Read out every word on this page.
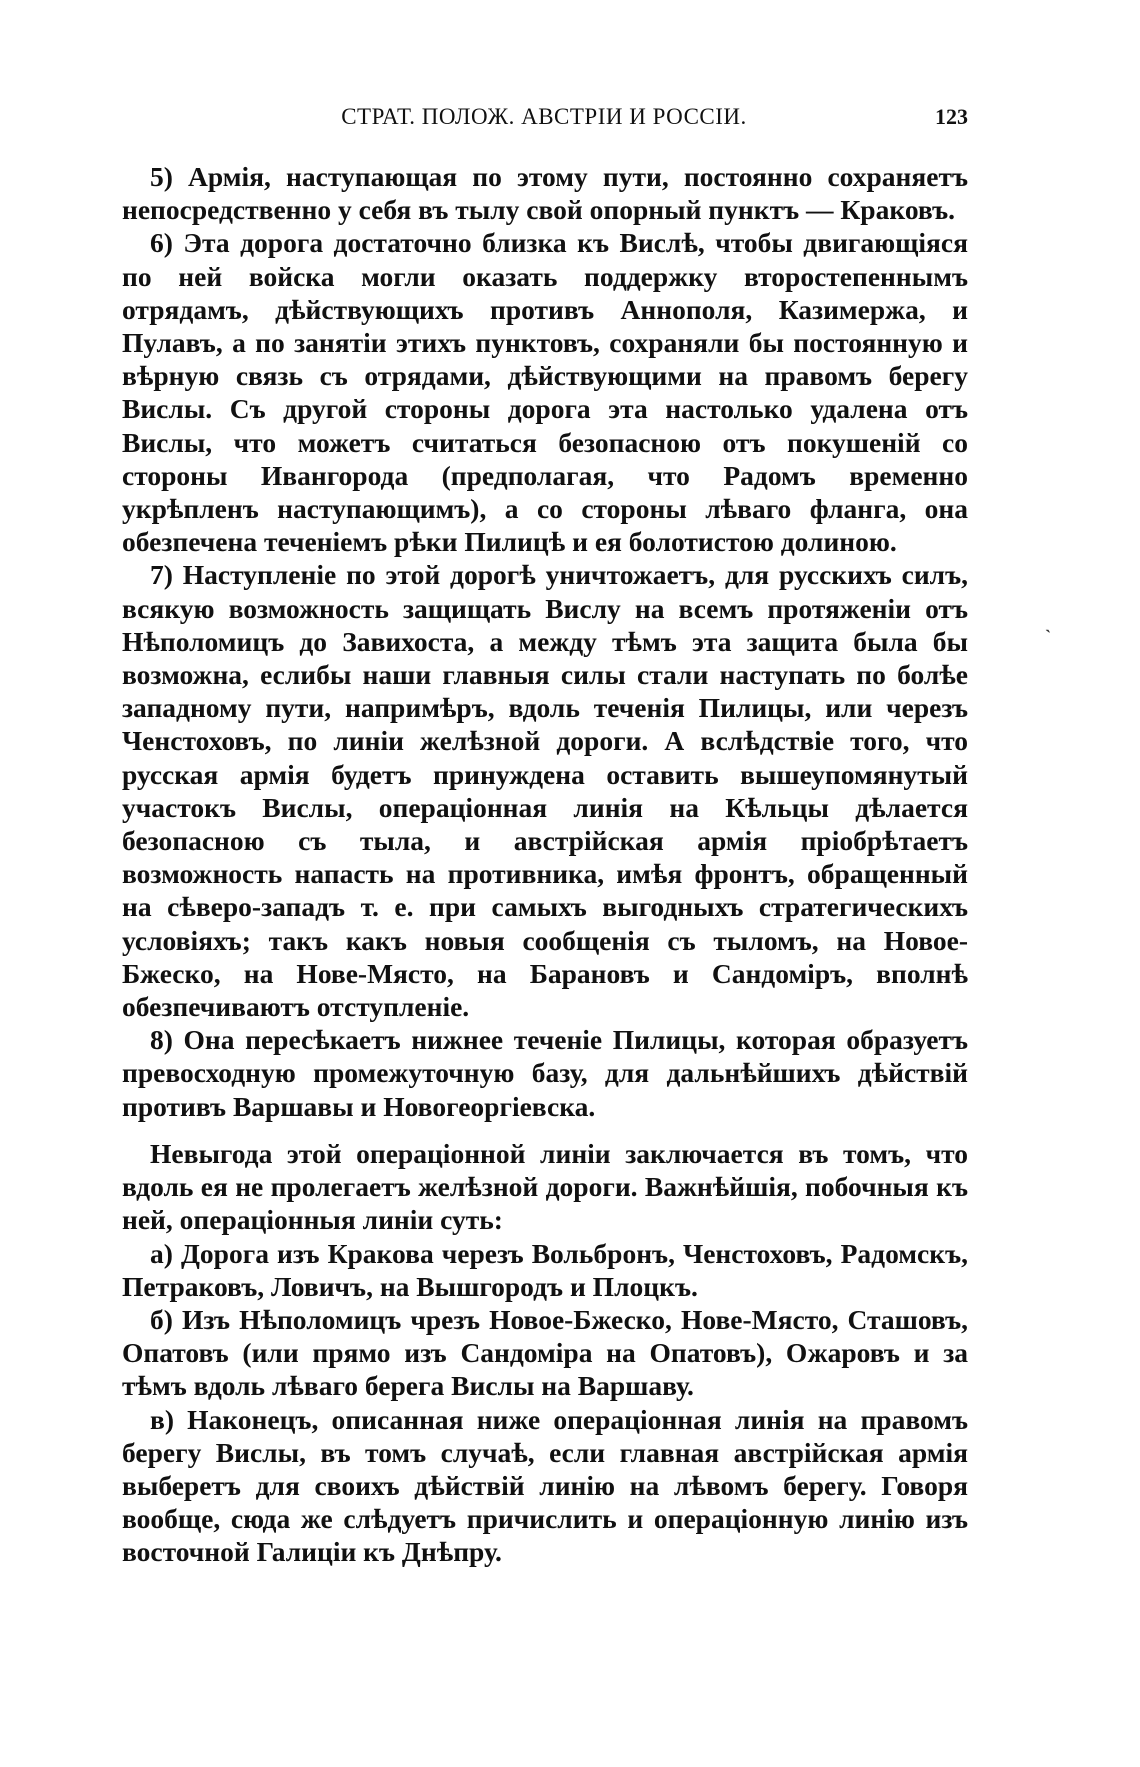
СТРАТ. ПОЛОЖ. АВСТРІИ И РОССІИ.	123

5) Армія, наступающая по этому пути, постоянно сохраняетъ непосредственно у себя въ тылу свой опорный пунктъ — Краковъ.

6) Эта дорога достаточно близка къ Вислѣ, чтобы двигающіяся по ней войска могли оказать поддержку второстепеннымъ отрядамъ, дѣйствующихъ противъ Аннополя, Казимержа, и Пулавъ, а по занятіи этихъ пунктовъ, сохраняли бы постоянную и вѣрную связь съ отрядами, дѣйствующими на правомъ берегу Вислы. Съ другой стороны дорога эта настолько удалена отъ Вислы, что можетъ считаться безопасною отъ покушеній со стороны Ивангорода (предполагая, что Радомъ временно укрѣпленъ наступающимъ), а со стороны лѣваго фланга, она обезпечена теченіемъ рѣки Пилицѣ и ея болотистою долиною.

7) Наступленіе по этой дорогѣ уничтожаетъ, для русскихъ силъ, всякую возможность защищать Вислу на всемъ протяженіи отъ Нѣполомицъ до Завихоста, а между тѣмъ эта защита была бы возможна, еслибы наши главныя силы стали наступать по болѣе западному пути, напримѣръ, вдоль теченія Пилицы, или черезъ Ченстоховъ, по линіи желѣзной дороги. А вслѣдствіе того, что русская армія будетъ принуждена оставить вышеупомянутый участокъ Вислы, операціонная линія на Кѣльцы дѣлается безопасною съ тыла, и австрійская армія пріобрѣтаетъ возможность напасть на противника, имѣя фронтъ, обращенный на сѣверо-западъ т. е. при самыхъ выгодныхъ стратегическихъ условіяхъ; такъ какъ новыя сообщенія съ тыломъ, на Новое-Бжеско, на Нове-Място, на Барановъ и Сандоміръ, вполнѣ обезпечиваютъ отступленіе.

8) Она пересѣкаетъ нижнее теченіе Пилицы, которая образуетъ превосходную промежуточную базу, для дальнѣйшихъ дѣйствій противъ Варшавы и Новогеоргіевска.

Невыгода этой операціонной линіи заключается въ томъ, что вдоль ея не пролегаетъ желѣзной дороги. Важнѣйшія, побочныя къ ней, операціонныя линіи суть:

а) Дорога изъ Кракова черезъ Вольбронъ, Ченстоховъ, Радомскъ, Петраковъ, Ловичъ, на Вышгородъ и Плоцкъ.

б) Изъ Нѣполомицъ чрезъ Новое-Бжеско, Нове-Място, Сташовъ, Опатовъ (или прямо изъ Сандоміра на Опатовъ), Ожаровъ и за тѣмъ вдоль лѣваго берега Вислы на Варшаву.

в) Наконецъ, описанная ниже операціонная линія на правомъ берегу Вислы, въ томъ случаѣ, если главная австрійская армія выберетъ для своихъ дѣйствій линію на лѣвомъ берегу. Говоря вообще, сюда же слѣдуетъ причислить и операціонную линію изъ восточной Галиціи къ Днѣпру.

˴
